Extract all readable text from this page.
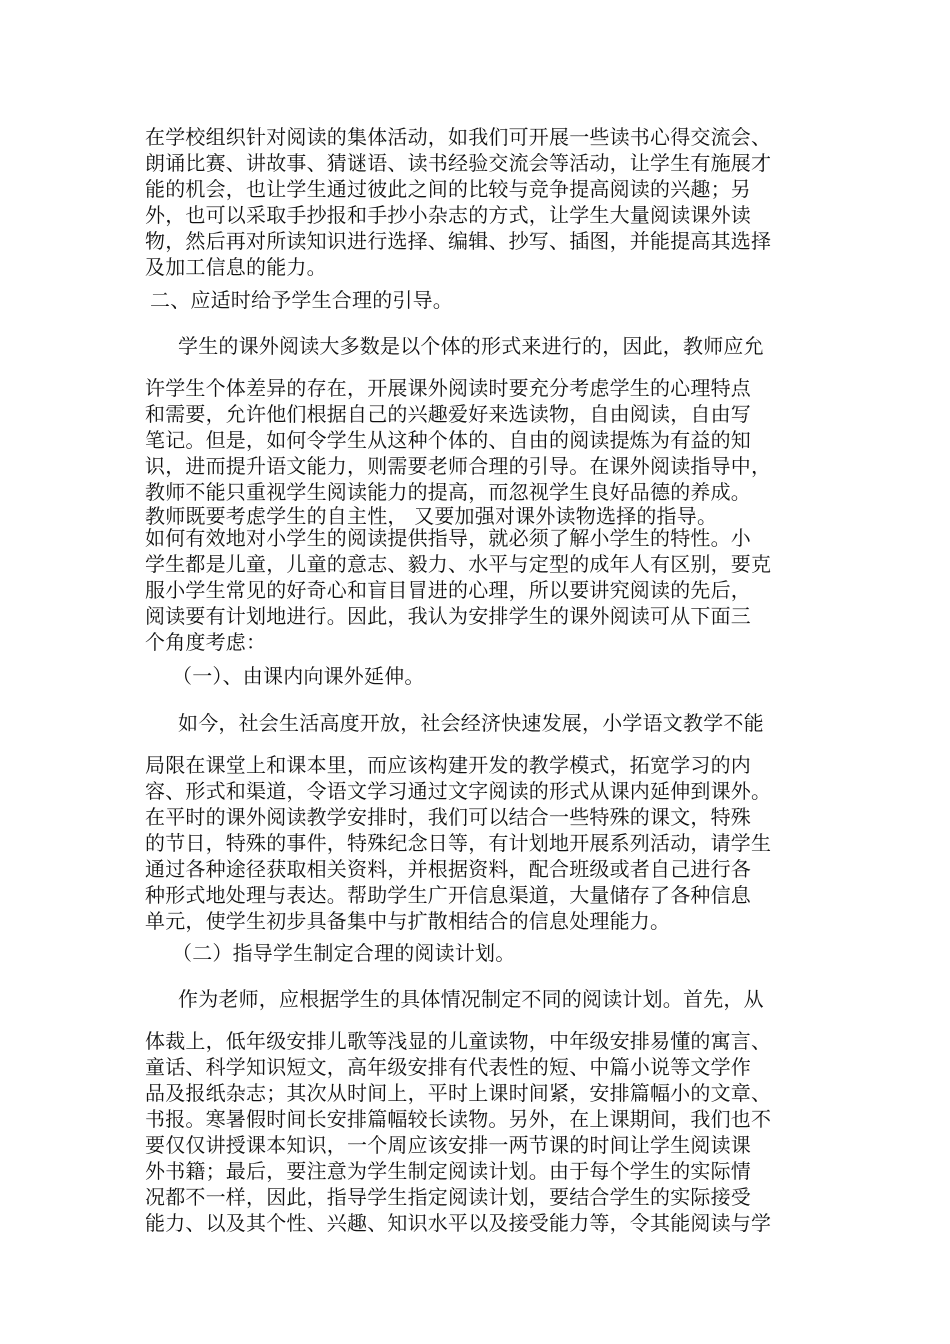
在学校组织针对阅读的集体活动，如我们可开展一些读书心得交流会、
朗诵比赛、讲故事、猜谜语、读书经验交流会等活动，让学生有施展才
能的机会，也让学生通过彼此之间的比较与竞争提高阅读的兴趣；另
外，也可以采取手抄报和手抄小杂志的方式，让学生大量阅读课外读
物，然后再对所读知识进行选择、编辑、抄写、插图，并能提高其选择
及加工信息的能力。
二、应适时给予学生合理的引导。
学生的课外阅读大多数是以个体的形式来进行的，因此，教师应允
许学生个体差异的存在，开展课外阅读时要充分考虑学生的心理特点
和需要，允许他们根据自己的兴趣爱好来选读物，自由阅读，自由写
笔记。但是，如何令学生从这种个体的、自由的阅读提炼为有益的知
识，进而提升语文能力，则需要老师合理的引导。在课外阅读指导中，
教师不能只重视学生阅读能力的提高，而忽视学生良好品德的养成。
教师既要考虑学生的自主性， 又要加强对课外读物选择的指导。
如何有效地对小学生的阅读提供指导，就必须了解小学生的特性。小
学生都是儿童，儿童的意志、毅力、水平与定型的成年人有区别，要克
服小学生常见的好奇心和盲目冒进的心理，所以要讲究阅读的先后，
阅读要有计划地进行。因此，我认为安排学生的课外阅读可从下面三
个角度考虑：
（一）、由课内向课外延伸。
如今，社会生活高度开放，社会经济快速发展，小学语文教学不能
局限在课堂上和课本里，而应该构建开发的教学模式，拓宽学习的内
容、形式和渠道，令语文学习通过文字阅读的形式从课内延伸到课外。
在平时的课外阅读教学安排时，我们可以结合一些特殊的课文，特殊
的节日，特殊的事件，特殊纪念日等，有计划地开展系列活动，请学生
通过各种途径获取相关资料，并根据资料，配合班级或者自己进行各
种形式地处理与表达。帮助学生广开信息渠道，大量储存了各种信息
单元，使学生初步具备集中与扩散相结合的信息处理能力。
（二）指导学生制定合理的阅读计划。
作为老师，应根据学生的具体情况制定不同的阅读计划。首先，从
体裁上，低年级安排儿歌等浅显的儿童读物，中年级安排易懂的寓言、
童话、科学知识短文，高年级安排有代表性的短、中篇小说等文学作
品及报纸杂志；其次从时间上，平时上课时间紧，安排篇幅小的文章、
书报。寒暑假时间长安排篇幅较长读物。另外，在上课期间，我们也不
要仅仅讲授课本知识，一个周应该安排一两节课的时间让学生阅读课
外书籍；最后，要注意为学生制定阅读计划。由于每个学生的实际情
况都不一样，因此，指导学生指定阅读计划，要结合学生的实际接受
能力、以及其个性、兴趣、知识水平以及接受能力等，令其能阅读与学
